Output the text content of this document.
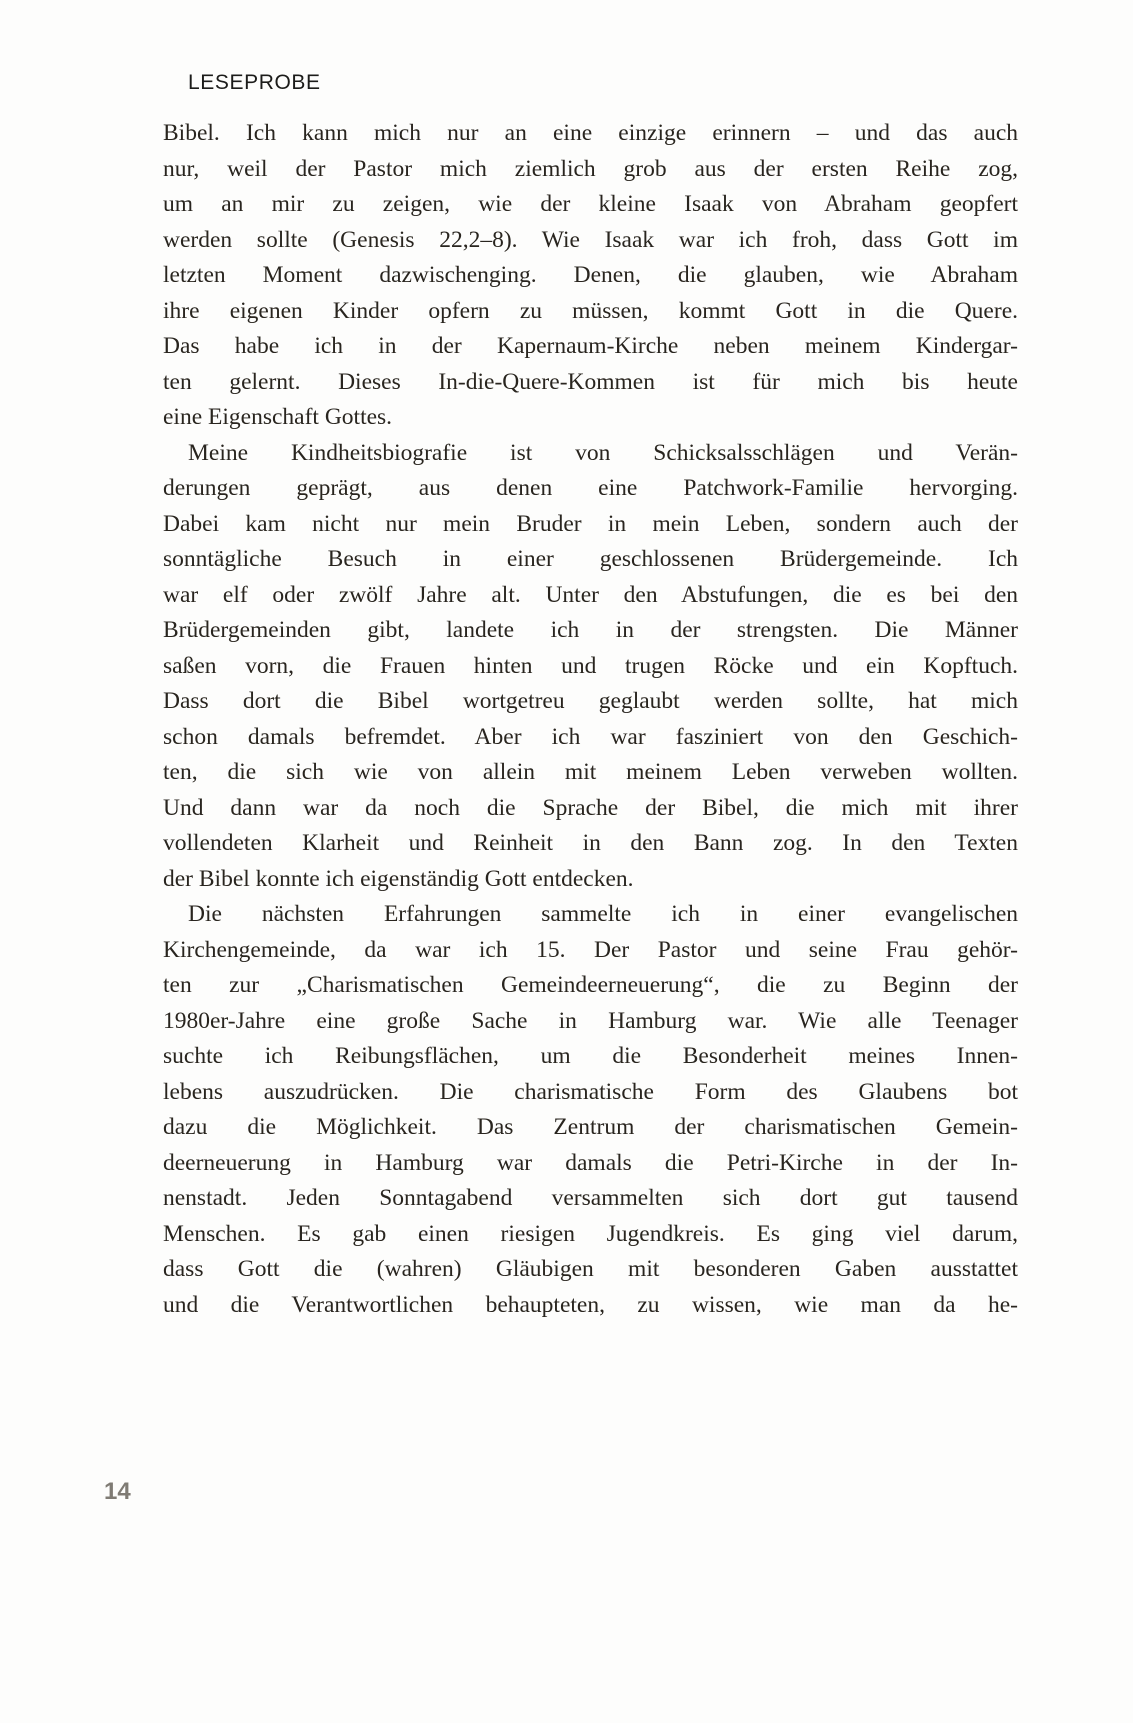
LESEPROBE
Bibel. Ich kann mich nur an eine einzige erinnern – und das auch
nur, weil der Pastor mich ziemlich grob aus der ersten Reihe zog,
um an mir zu zeigen, wie der kleine Isaak von Abraham geopfert
werden sollte (Genesis 22,2–8). Wie Isaak war ich froh, dass Gott im
letzten Moment dazwischenging. Denen, die glauben, wie Abraham
ihre eigenen Kinder opfern zu müssen, kommt Gott in die Quere.
Das habe ich in der Kapernaum-Kirche neben meinem Kindergar-
ten gelernt. Dieses In-die-Quere-Kommen ist für mich bis heute
eine Eigenschaft Gottes.
Meine Kindheitsbiografie ist von Schicksalsschlägen und Verän-
derungen geprägt, aus denen eine Patchwork-Familie hervorging.
Dabei kam nicht nur mein Bruder in mein Leben, sondern auch der
sonntägliche Besuch in einer geschlossenen Brüdergemeinde. Ich
war elf oder zwölf Jahre alt. Unter den Abstufungen, die es bei den
Brüdergemeinden gibt, landete ich in der strengsten. Die Männer
saßen vorn, die Frauen hinten und trugen Röcke und ein Kopftuch.
Dass dort die Bibel wortgetreu geglaubt werden sollte, hat mich
schon damals befremdet. Aber ich war fasziniert von den Geschich-
ten, die sich wie von allein mit meinem Leben verweben wollten.
Und dann war da noch die Sprache der Bibel, die mich mit ihrer
vollendeten Klarheit und Reinheit in den Bann zog. In den Texten
der Bibel konnte ich eigenständig Gott entdecken.
Die nächsten Erfahrungen sammelte ich in einer evangelischen
Kirchengemeinde, da war ich 15. Der Pastor und seine Frau gehör-
ten zur „Charismatischen Gemeindeerneuerung“, die zu Beginn der
1980er-Jahre eine große Sache in Hamburg war. Wie alle Teenager
suchte ich Reibungsflächen, um die Besonderheit meines Innen-
lebens auszudrücken. Die charismatische Form des Glaubens bot
dazu die Möglichkeit. Das Zentrum der charismatischen Gemein-
deerneuerung in Hamburg war damals die Petri-Kirche in der In-
nenstadt. Jeden Sonntagabend versammelten sich dort gut tausend
Menschen. Es gab einen riesigen Jugendkreis. Es ging viel darum,
dass Gott die (wahren) Gläubigen mit besonderen Gaben ausstattet
und die Verantwortlichen behaupteten, zu wissen, wie man da he-
14
